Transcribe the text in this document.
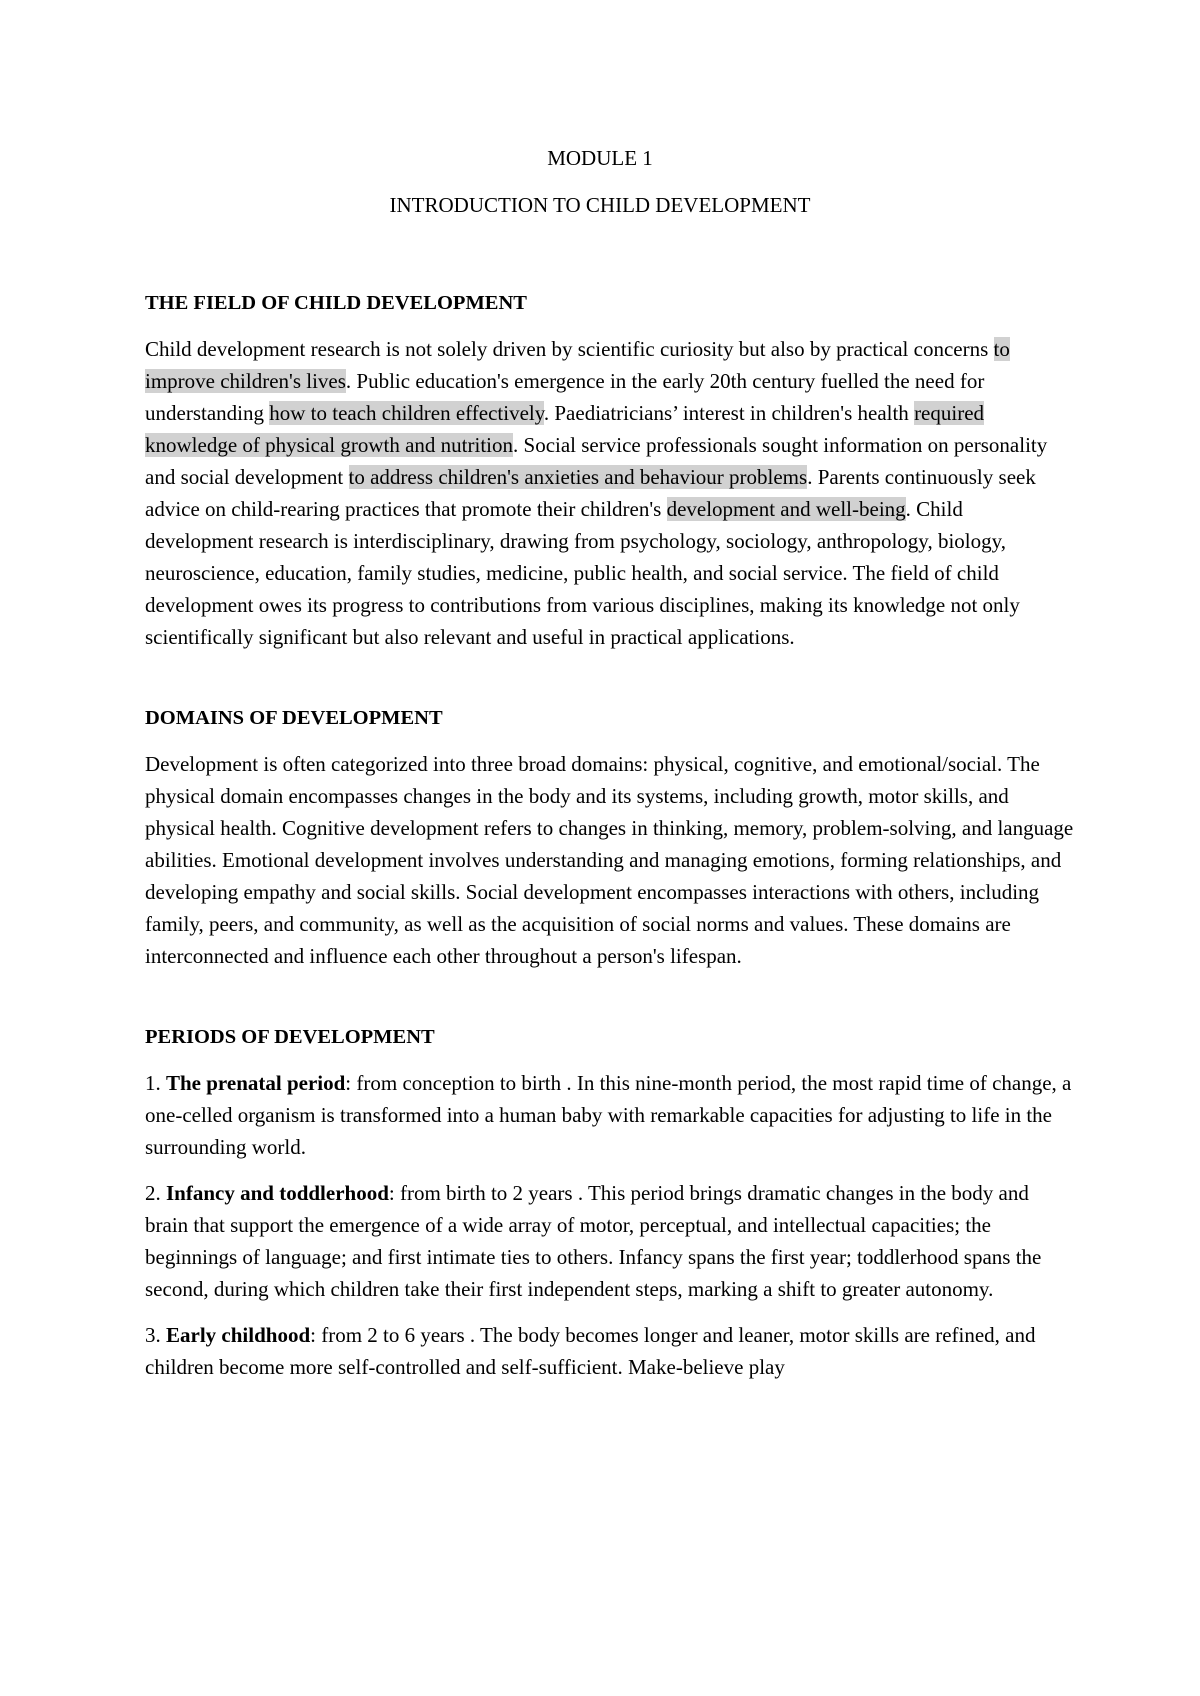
MODULE 1

INTRODUCTION TO CHILD DEVELOPMENT

THE FIELD OF CHILD DEVELOPMENT

Child development research is not solely driven by scientific curiosity but also by practical concerns to improve children's lives. Public education's emergence in the early 20th century fuelled the need for understanding how to teach children effectively. Paediatricians’ interest in children's health required knowledge of physical growth and nutrition. Social service professionals sought information on personality and social development to address children's anxieties and behaviour problems. Parents continuously seek advice on child-rearing practices that promote their children's development and well-being. Child development research is interdisciplinary, drawing from psychology, sociology, anthropology, biology, neuroscience, education, family studies, medicine, public health, and social service. The field of child development owes its progress to contributions from various disciplines, making its knowledge not only scientifically significant but also relevant and useful in practical applications.

DOMAINS OF DEVELOPMENT

Development is often categorized into three broad domains: physical, cognitive, and emotional/social. The physical domain encompasses changes in the body and its systems, including growth, motor skills, and physical health. Cognitive development refers to changes in thinking, memory, problem-solving, and language abilities. Emotional development involves understanding and managing emotions, forming relationships, and developing empathy and social skills. Social development encompasses interactions with others, including family, peers, and community, as well as the acquisition of social norms and values. These domains are interconnected and influence each other throughout a person's lifespan.

PERIODS OF DEVELOPMENT

1. The prenatal period: from conception to birth . In this nine-month period, the most rapid time of change, a one-celled organism is transformed into a human baby with remarkable capacities for adjusting to life in the surrounding world.

2. Infancy and toddlerhood: from birth to 2 years . This period brings dramatic changes in the body and brain that support the emergence of a wide array of motor, perceptual, and intellectual capacities; the beginnings of language; and first intimate ties to others. Infancy spans the first year; toddlerhood spans the second, during which children take their first independent steps, marking a shift to greater autonomy.

3. Early childhood: from 2 to 6 years . The body becomes longer and leaner, motor skills are refined, and children become more self-controlled and self-sufficient. Make-believe play
